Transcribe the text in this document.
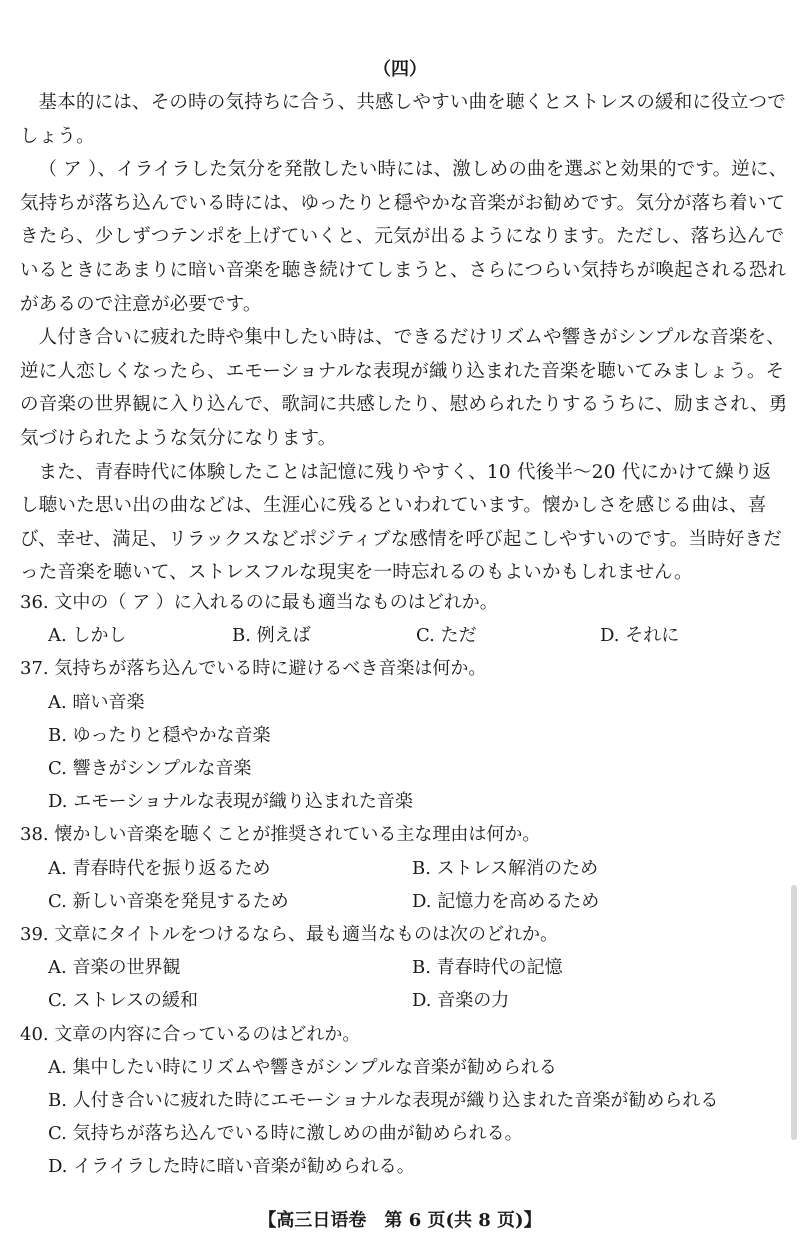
（四）

基本的には、その時の気持ちに合う、共感しやすい曲を聴くとストレスの緩和に役立つでしょう。

（ ア ）、イライラした気分を発散したい時には、激しめの曲を選ぶと効果的です。逆に、気持ちが落ち込んでいる時には、ゆったりと穏やかな音楽がお勧めです。気分が落ち着いてきたら、少しずつテンポを上げていくと、元気が出るようになります。ただし、落ち込んでいるときにあまりに暗い音楽を聴き続けてしまうと、さらにつらい気持ちが喚起される恐れがあるので注意が必要です。

人付き合いに疲れた時や集中したい時は、できるだけリズムや響きがシンプルな音楽を、逆に人恋しくなったら、エモーショナルな表現が織り込まれた音楽を聴いてみましょう。その音楽の世界観に入り込んで、歌詞に共感したり、慰められたりするうちに、励まされ、勇気づけられたような気分になります。

また、青春時代に体験したことは記憶に残りやすく、10 代後半～20 代にかけて繰り返し聴いた思い出の曲などは、生涯心に残るといわれています。懐かしさを感じる曲は、喜び、幸せ、満足、リラックスなどポジティブな感情を呼び起こしやすいのです。当時好きだった音楽を聴いて、ストレスフルな現実を一時忘れるのもよいかもしれません。

36. 文中の（ ア ）に入れるのに最も適当なものはどれか。
A. しかし	B. 例えば	C. ただ	D. それに
37. 気持ちが落ち込んでいる時に避けるべき音楽は何か。
A. 暗い音楽
B. ゆったりと穏やかな音楽
C. 響きがシンプルな音楽
D. エモーショナルな表現が織り込まれた音楽
38. 懐かしい音楽を聴くことが推奨されている主な理由は何か。
A. 青春時代を振り返るため	B. ストレス解消のため
C. 新しい音楽を発見するため	D. 記憶力を高めるため
39. 文章にタイトルをつけるなら、最も適当なものは次のどれか。
A. 音楽の世界観	B. 青春時代の記憶
C. ストレスの緩和	D. 音楽の力
40. 文章の内容に合っているのはどれか。
A. 集中したい時にリズムや響きがシンプルな音楽が勧められる
B. 人付き合いに疲れた時にエモーショナルな表現が織り込まれた音楽が勧められる
C. 気持ちが落ち込んでいる時に激しめの曲が勧められる。
D. イライラした時に暗い音楽が勧められる。
【高三日语卷　第 6 页(共 8 页)】
